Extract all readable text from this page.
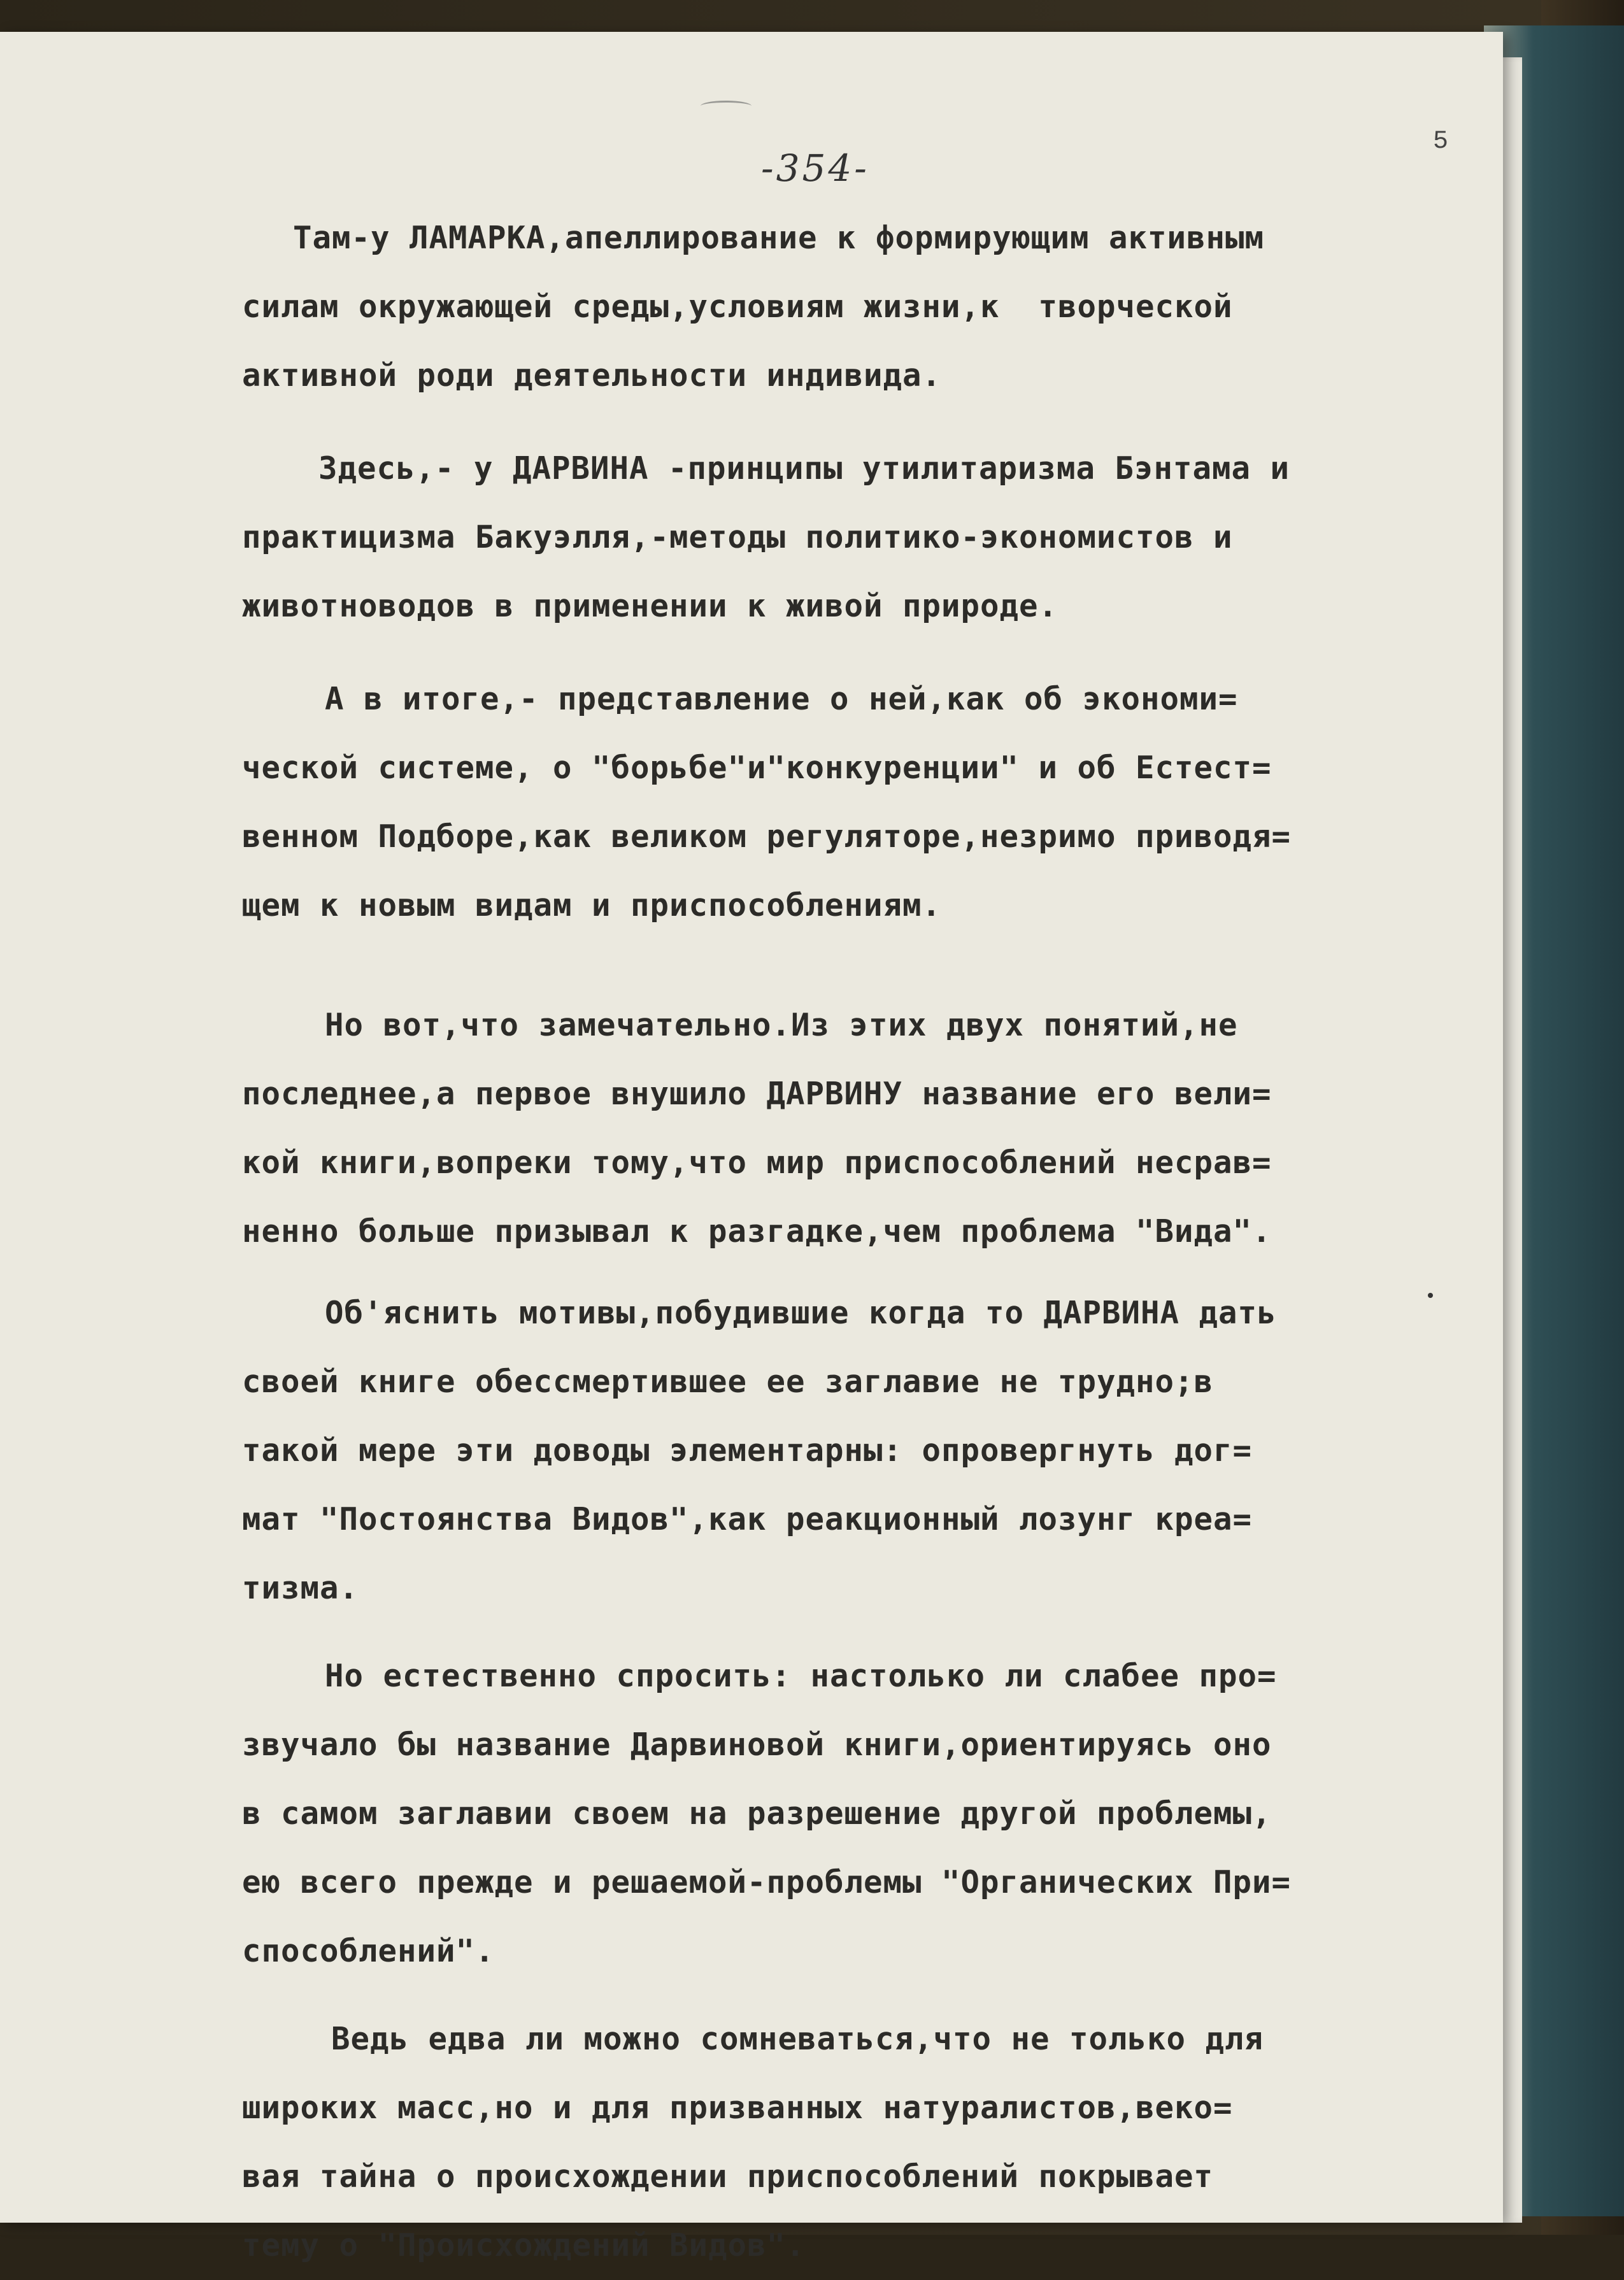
-354-
5
Там-у ЛАМАРКА,апеллирование к формирующим активным
силам окружающей среды,условиям жизни,к  творческой
активной роди деятельности индивида.
Здесь,- у ДАРВИНА -принципы утилитаризма Бэнтама и
практицизма Бакуэлля,-методы политико-экономистов и
животноводов в применении к живой природе.
А в итоге,- представление о ней,как об экономи=
ческой системе, о "борьбе"и"конкуренции" и об Естест=
венном Подборе,как великом регуляторе,незримо приводя=
щем к новым видам и приспособлениям.
Но вот,что замечательно.Из этих двух понятий,не
последнее,а первое внушило ДАРВИНУ название его вели=
кой книги,вопреки тому,что мир приспособлений несрав=
ненно больше призывал к разгадке,чем проблема "Вида".
Об'яснить мотивы,побудившие когда то ДАРВИНА дать
своей книге обессмертившее ее заглавие не трудно;в
такой мере эти доводы элементарны: опровергнуть дог=
мат "Постоянства Видов",как реакционный лозунг креа=
тизма.
Но естественно спросить: настолько ли слабее про=
звучало бы название Дарвиновой книги,ориентируясь оно
в самом заглавии своем на разрешение другой проблемы,
ею всего прежде и решаемой-проблемы "Органических При=
способлений".
Ведь едва ли можно сомневаться,что не только для
широких масс,но и для призванных натуралистов,веко=
вая тайна о происхождении приспособлений покрывает
тему о "Происхождений Видов".
